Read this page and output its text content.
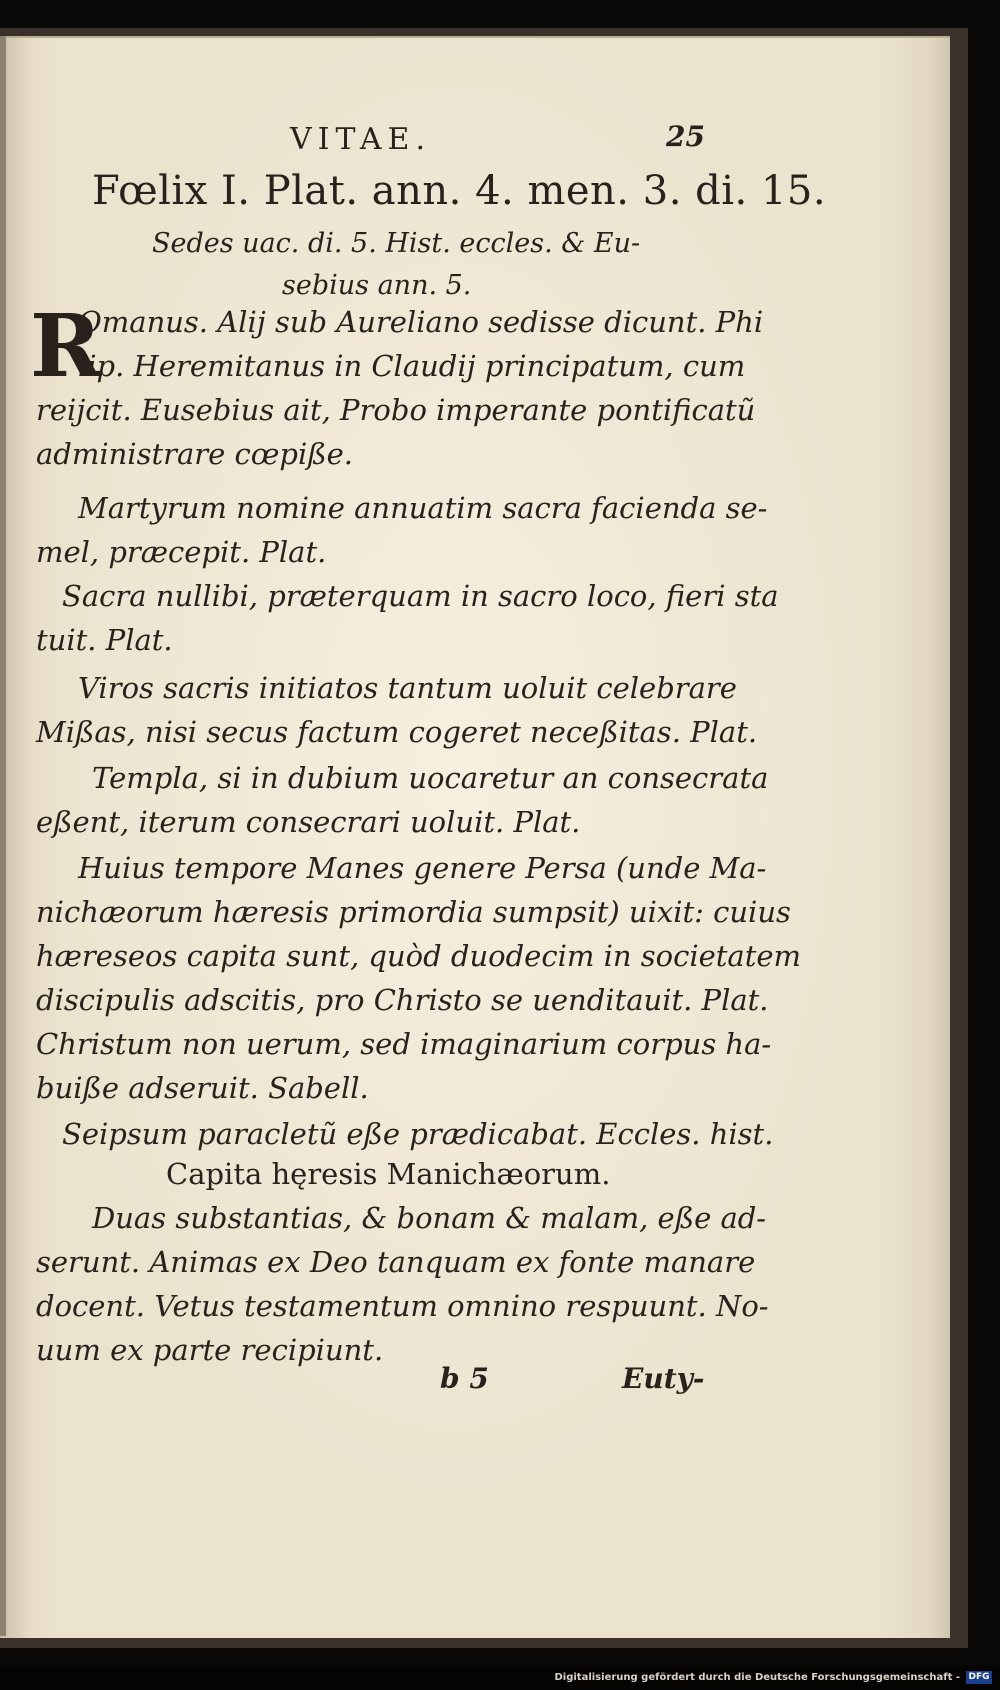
VITAE.	25
Fœlix I. Plat. ann. 4. men. 3. di. 15.
Sedes uac. di. 5. Hist. eccles. & Eu-
sebius ann. 5.
R
Omanus. Alij sub Aureliano sedisse dicunt. Phi
lip. Heremitanus in Claudij principatum, cum
reijcit. Eusebius ait, Probo imperante pontificatũ
administrare cœpiße.
Martyrum nomine annuatim sacra facienda se-
mel, præcepit. Plat.
Sacra nullibi, præterquam in sacro loco, fieri sta
tuit. Plat.
Viros sacris initiatos tantum uoluit celebrare
Mißas, nisi secus factum cogeret neceßitas. Plat.
Templa, si in dubium uocaretur an consecrata
eßent, iterum consecrari uoluit. Plat.
Huius tempore Manes genere Persa (unde Ma-
nichæorum hæresis primordia sumpsit) uixit: cuius
hæreseos capita sunt, quòd duodecim in societatem
discipulis adscitis, pro Christo se uenditauit. Plat.
Christum non uerum, sed imaginarium corpus ha-
buiße adseruit. Sabell.
Seipsum paracletũ eße prædicabat. Eccles. hist.
Capita hęresis Manichæorum.
Duas substantias, & bonam & malam, eße ad-
serunt. Animas ex Deo tanquam ex fonte manare
docent. Vetus testamentum omnino respuunt. No-
uum ex parte recipiunt.
b 5	Euty-
Digitalisierung gefördert durch die Deutsche Forschungsgemeinschaft - DFG
